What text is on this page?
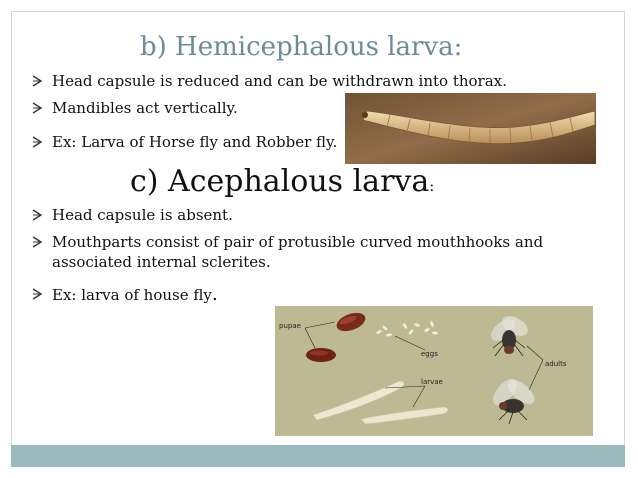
b) Hemicephalous larva:
Head capsule is reduced and can be withdrawn into thorax.
Mandibles act vertically.
Ex: Larva of Horse fly and Robber fly.
c) Acephalous larva:
Head capsule is absent.
Mouthparts consist of pair of protusible curved mouthhooks and associated internal sclerites.
Ex: larva of house fly.
pupae
eggs
larvae
adults
